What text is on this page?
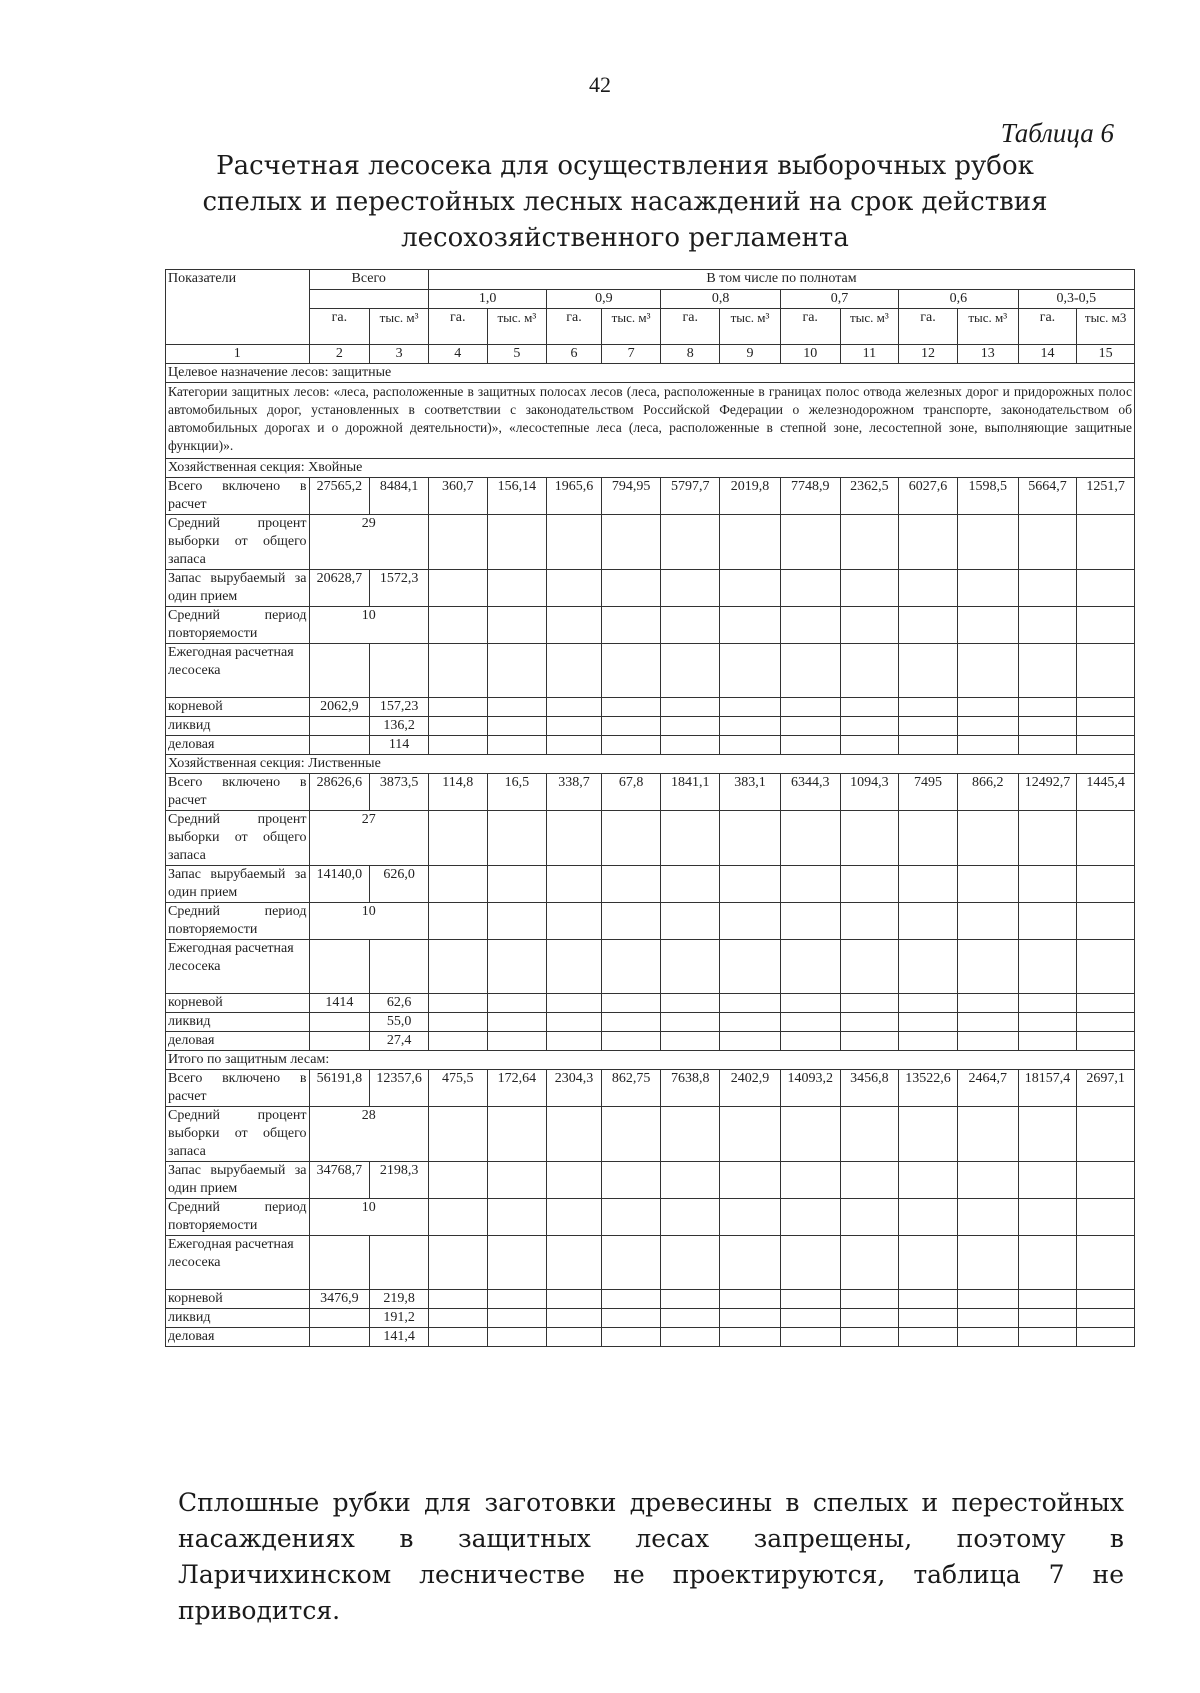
42
Таблица 6
Расчетная лесосека для осуществления выборочных рубок спелых и перестойных лесных насаждений на срок действия лесохозяйственного регламента
Показатели	Всего		В том числе по полнотам											
			1,0		0,9		0,8		0,7		0,6		0,3-0,5	
	га.	тыс. м³	га.	тыс. м³	га.	тыс. м³	га.	тыс. м³	га.	тыс. м³	га.	тыс. м³	га.	тыс. м3
1	2	3	4	5	6	7	8	9	10	11	12	13	14	15
Целевое назначение лесов: защитные														
Категории защитных лесов: «леса, расположенные в защитных полосах лесов (леса, расположенные в границах полос отвода железных дорог и придорожных полос автомобильных дорог, установленных в соответствии с законодательством Российской Федерации о железнодорожном транспорте, законодательством об автомобильных дорогах и о дорожной деятельности)», «лесостепные леса (леса, расположенные в степной зоне, лесостепной зоне, выполняющие защитные функции)».														
Хозяйственная секция: Хвойные														
Всего включено в расчет	27565,2	8484,1	360,7	156,14	1965,6	794,95	5797,7	2019,8	7748,9	2362,5	6027,6	1598,5	5664,7	1251,7
Средний процент выборки от общего запаса	29													
Запас вырубаемый за один прием	20628,7	1572,3												
Средний период повторяемости	10													
Ежегодная расчетная лесосека														
корневой	2062,9	157,23												
ликвид		136,2												
деловая		114												
Хозяйственная секция: Лиственные														
Всего включено в расчет	28626,6	3873,5	114,8	16,5	338,7	67,8	1841,1	383,1	6344,3	1094,3	7495	866,2	12492,7	1445,4
Средний процент выборки от общего запаса	27													
Запас вырубаемый за один прием	14140,0	626,0												
Средний период повторяемости	10													
Ежегодная расчетная лесосека														
корневой	1414	62,6												
ликвид		55,0												
деловая		27,4												
Итого по защитным лесам:														
Всего включено в расчет	56191,8	12357,6	475,5	172,64	2304,3	862,75	7638,8	2402,9	14093,2	3456,8	13522,6	2464,7	18157,4	2697,1
Средний процент выборки от общего запаса	28													
Запас вырубаемый за один прием	34768,7	2198,3												
Средний период повторяемости	10													
Ежегодная расчетная лесосека														
корневой	3476,9	219,8												
ликвид		191,2												
деловая		141,4												
Сплошные рубки для заготовки древесины в спелых и перестойных насаждениях в защитных лесах запрещены, поэтому в Ларичихинском лесничестве не проектируются, таблица 7 не приводится.
